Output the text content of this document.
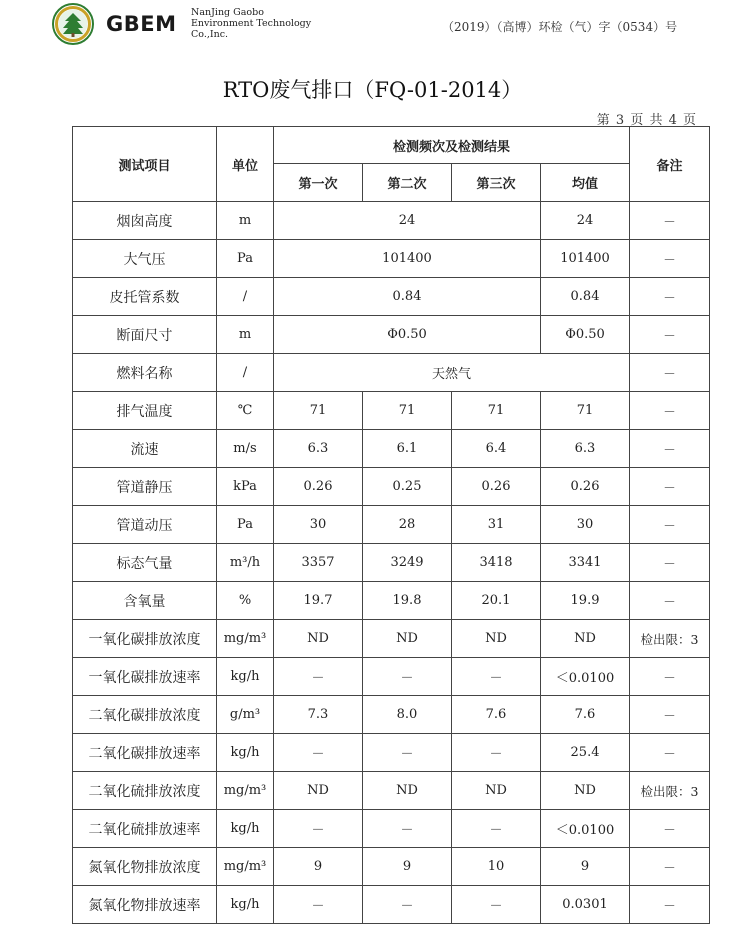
GBEM NanJing Gaobo
Environment Technology
Co.,Inc.
（2019）（高博）环检（气）字（0534）号
RTO废气排口（FQ-01-2014）
第 3 页 共 4 页
测试项目	单位	检测频次及检测结果				备注
		第一次	第二次	第三次	均值	
烟囱高度	m	24			24	－
大气压	Pa	101400			101400	－
皮托管系数	/	0.84			0.84	－
断面尺寸	m	Φ0.50			Φ0.50	－
燃料名称	/	天然气				－
排气温度	℃	71	71	71	71	－
流速	m/s	6.3	6.1	6.4	6.3	－
管道静压	kPa	0.26	0.25	0.26	0.26	－
管道动压	Pa	30	28	31	30	－
标态气量	m³/h	3357	3249	3418	3341	－
含氧量	%	19.7	19.8	20.1	19.9	－
一氧化碳排放浓度	mg/m³	ND	ND	ND	ND	检出限：3
一氧化碳排放速率	kg/h	－	－	－	＜0.0100	－
二氧化碳排放浓度	g/m³	7.3	8.0	7.6	7.6	－
二氧化碳排放速率	kg/h	－	－	－	25.4	－
二氧化硫排放浓度	mg/m³	ND	ND	ND	ND	检出限：3
二氧化硫排放速率	kg/h	－	－	－	＜0.0100	－
氮氧化物排放浓度	mg/m³	9	9	10	9	－
氮氧化物排放速率	kg/h	－	－	－	0.0301	－
